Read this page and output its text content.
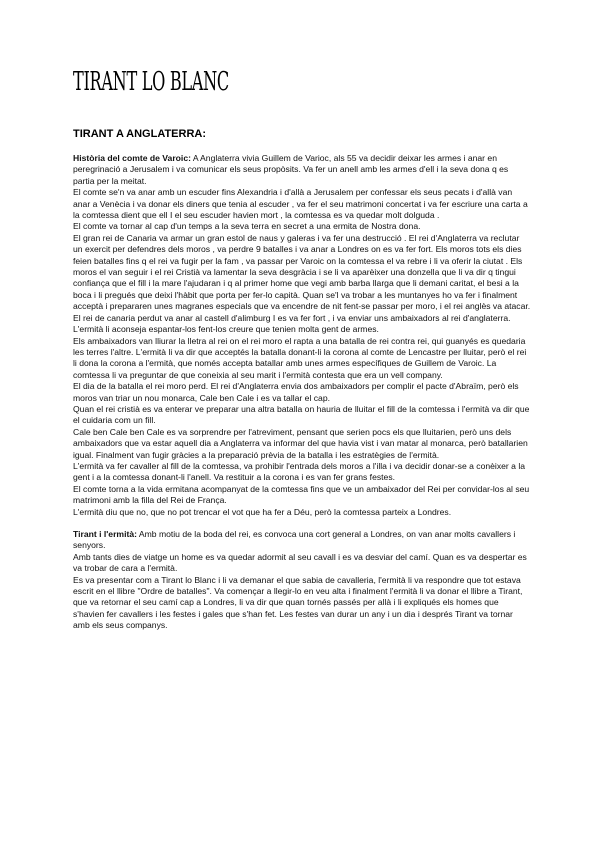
TIRANT LO BLANC
TIRANT A ANGLATERRA:

Història del comte de Varoic: A Anglaterra vivia Guillem de Varioc, als 55 va decidir deixar les armes i anar en peregrinació a Jerusalem i va comunicar els seus propòsits. Va fer un anell amb les armes d'ell i la seva dona q es partia per la meitat.

El comte se'n va anar amb un escuder fins Alexandria i d'allà a Jerusalem per confessar els seus pecats i d'allà van anar a Venècia i va donar els diners que tenia al escuder , va fer el seu matrimoni concertat i va fer escriure una carta a la comtessa dient que ell I el seu escuder havien mort , la comtessa es va quedar molt dolguda .

El comte va tornar al cap d'un temps a la seva terra en secret a una ermita de Nostra dona.

El gran rei de Canaria va armar un gran estol de naus y galeras i va fer una destrucció . El rei d'Anglaterra va reclutar un exercit per defendres dels moros , va perdre 9 batalles i va anar a Londres on es va fer fort. Els moros tots els dies feien batalles fins q el rei va fugir per la fam , va passar per Varoic on la comtessa el va rebre i li va oferir la ciutat . Els moros el van seguir i el rei Cristià va lamentar la seva desgràcia i se li va aparèixer una donzella que li va dir q tingui confiança que el fill i la mare l'ajudaran i q al primer home que vegi amb barba llarga que li demani caritat, el besi a la boca i li pregués que deixi l'hàbit que porta per fer-lo capità. Quan se'l va trobar a les muntanyes ho va fer i finalment acceptà i prepararen unes magranes especials que va encendre de nit fent-se passar per moro, i el rei anglès va atacar.

El rei de canaria perdut va anar al castell d'alimburg I es va fer fort , i va enviar uns ambaixadors al rei d'anglaterra. L'ermità li aconseja espantar-los fent-los creure que tenien molta gent de armes.

Els ambaixadors van lliurar la lletra al rei on el rei moro el rapta a una batalla de rei contra rei, qui guanyés es quedaria les terres l'altre. L'ermità li va dir que acceptés la batalla donant-li la corona al comte de Lencastre per lluitar, però el rei li dona la corona a l'ermità, que només accepta batallar amb unes armes específiques de Guillem de Varoic. La comtessa li va preguntar de que coneixia al seu marit i l'ermità contesta que era un vell company.

El dia de la batalla el rei moro perd. El rei d'Anglaterra envia dos ambaixadors per complir el pacte d'Abraïm, però els moros van triar un nou monarca, Cale ben Cale i es va tallar el cap.

Quan el rei cristià es va enterar ve preparar una altra batalla on hauria de lluitar el fill de la comtessa i l'ermità va dir que el cuidaria com un fill.

Cale ben Cale ben Cale es va sorprendre per l'atreviment, pensant que serien pocs els que lluitarien, però uns dels ambaixadors que va estar aquell dia a Anglaterra va informar del que havia vist i van matar al monarca, però batallarien igual. Finalment van fugir gràcies a la preparació prèvia de la batalla i les estratègies de l'ermità.

L'ermità va fer cavaller al fill de la comtessa, va prohibir l'entrada dels moros a l'illa i va decidir donar-se a conèixer a la gent i a la comtessa donant-li l'anell. Va restituir a la corona i es van fer grans festes.

El comte torna a la vida ermitana acompanyat de la comtessa fins que ve un ambaixador del Rei per convidar-los al seu matrimoni amb la filla del Rei de França.

L'ermità diu que no, que no pot trencar el vot que ha fer a Déu, però la comtessa parteix a Londres.

Tirant i l'ermità: Amb motiu de la boda del rei, es convoca una cort general a Londres, on van anar molts cavallers i senyors.

Amb tants dies de viatge un home es va quedar adormit al seu cavall i es va desviar del camí. Quan es va despertar es va trobar de cara a l'ermità.

Es va presentar com a Tirant lo Blanc i li va demanar el que sabia de cavalleria, l'ermità li va respondre que tot estava escrit en el llibre "Ordre de batalles". Va començar a llegir-lo en veu alta i finalment l'ermità li va donar el llibre a Tirant, que va retornar el seu camí cap a Londres, li va dir que quan tornés passés per allà i li expliqués els homes que s'havien fer cavallers i les festes i gales que s'han fet. Les festes van durar un any i un dia i després Tirant va tornar amb els seus companys.
